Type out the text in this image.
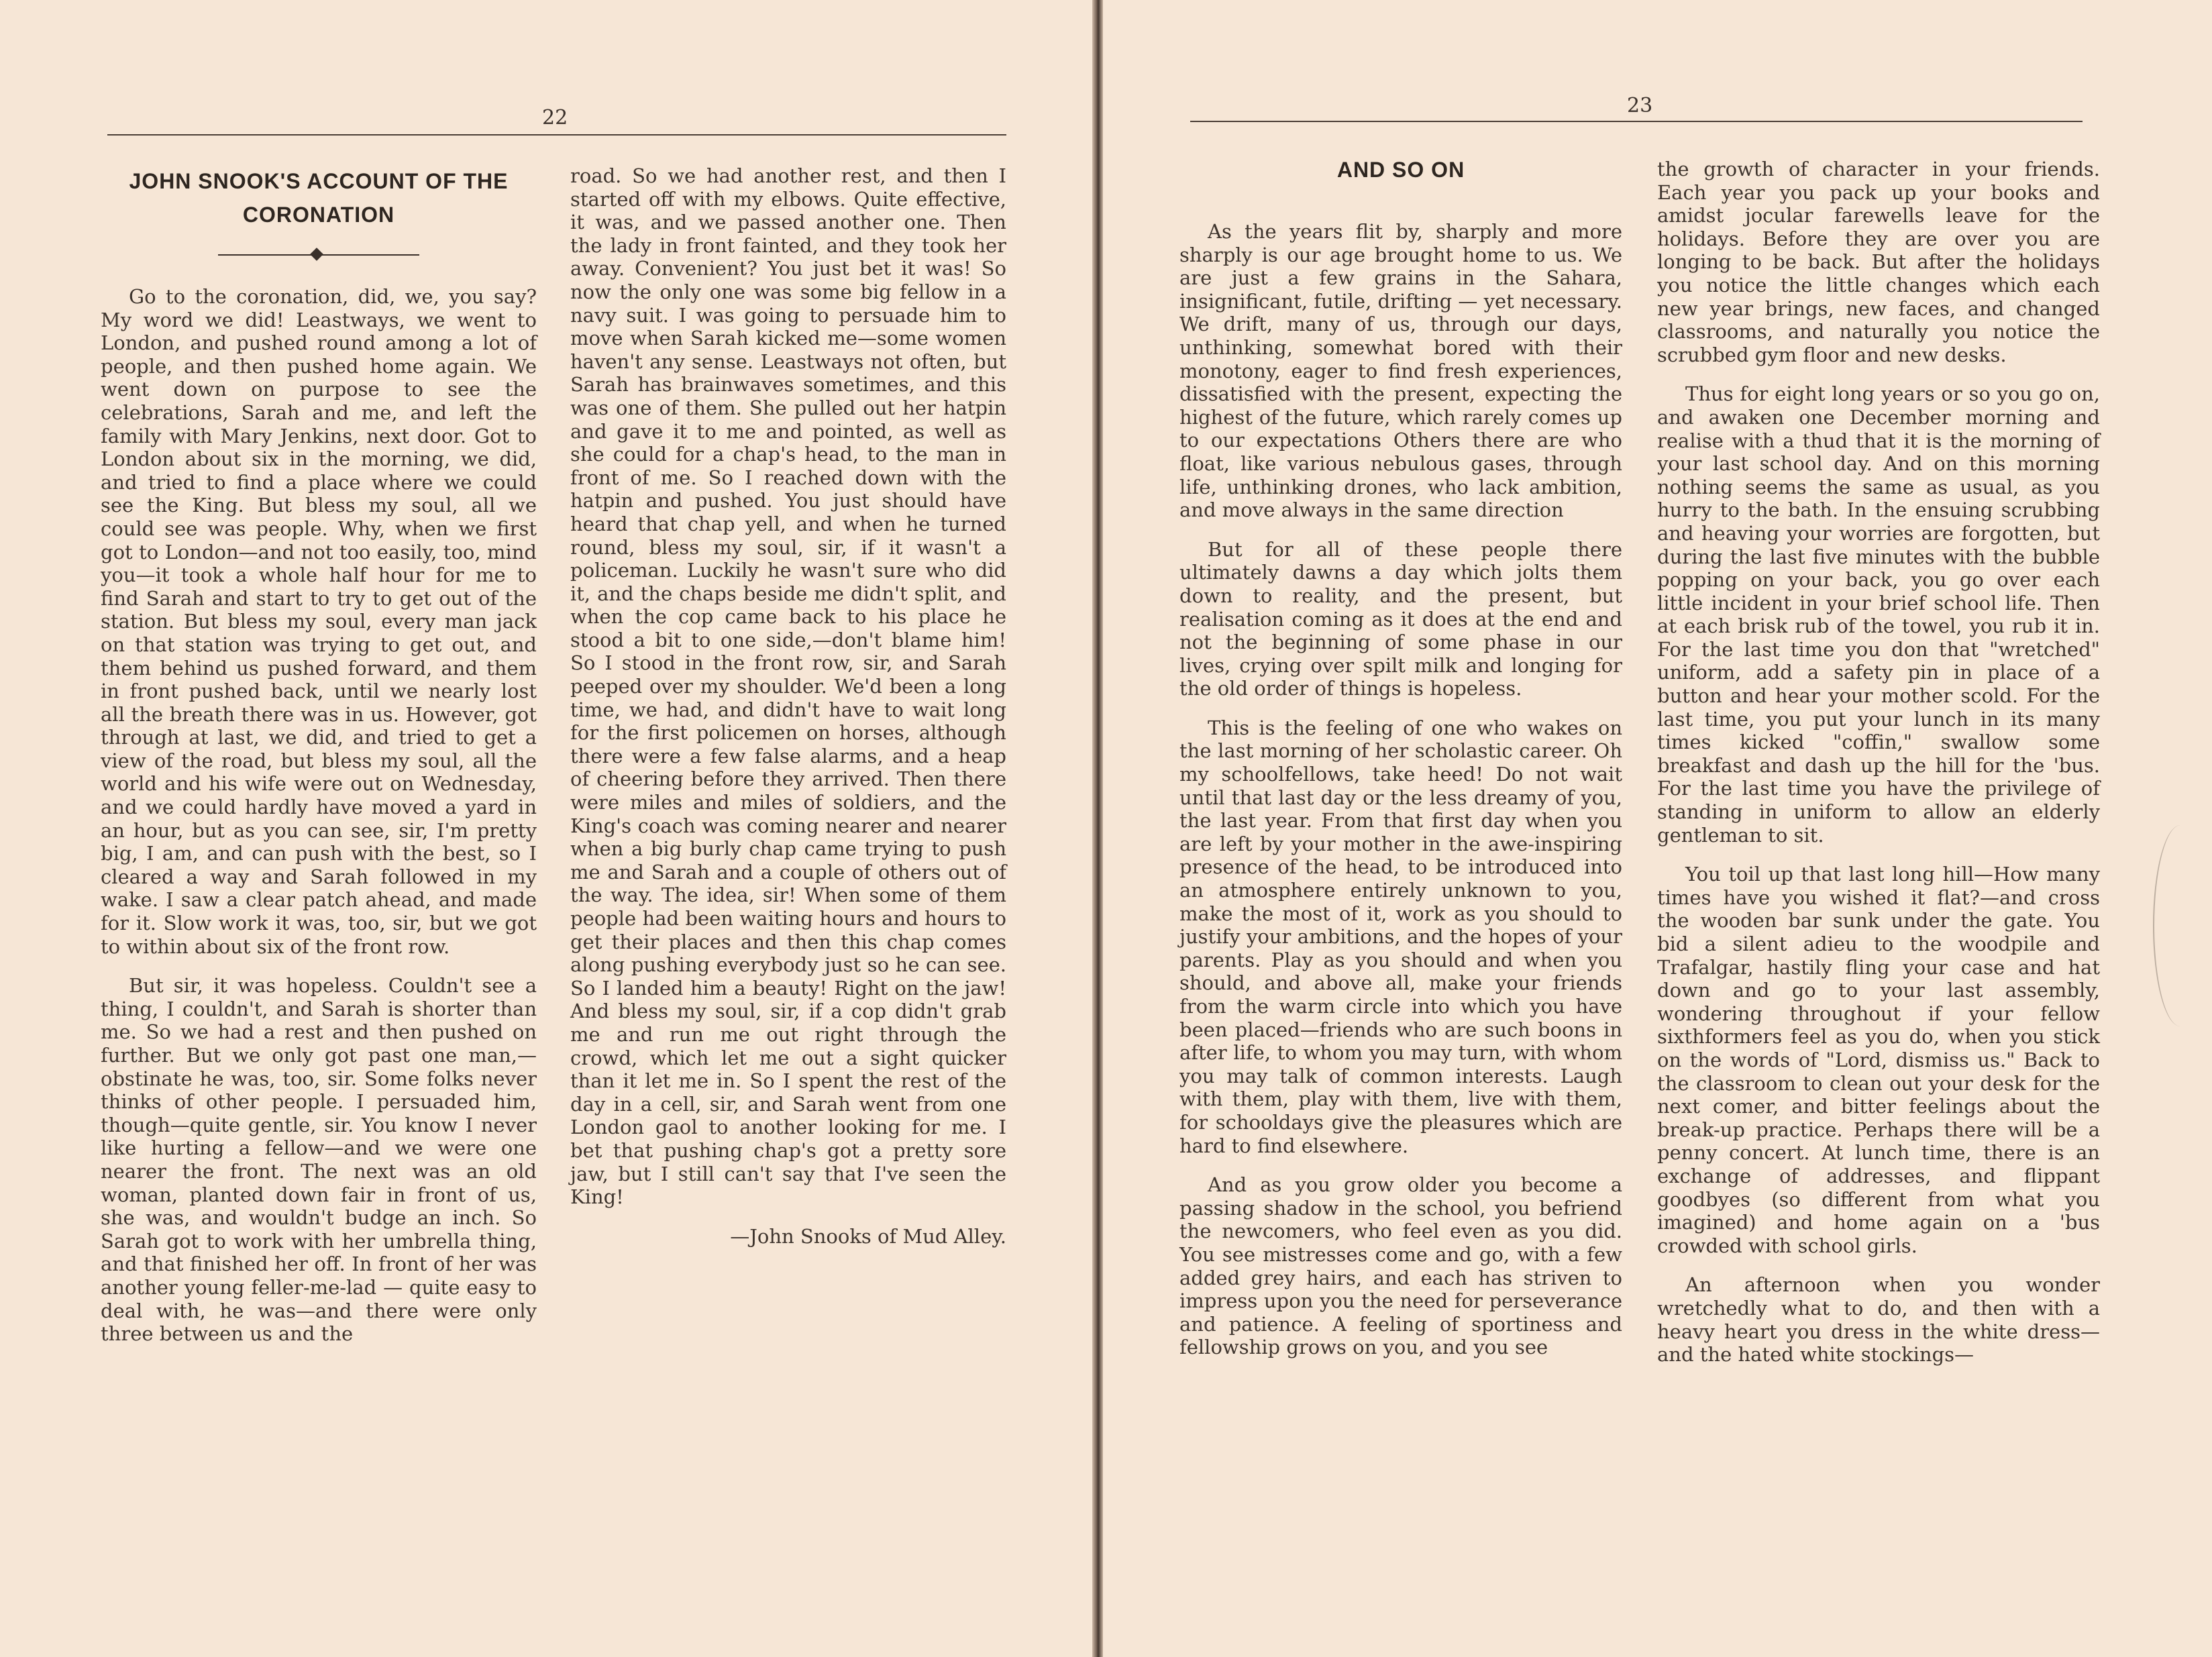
22
JOHN SNOOK'S ACCOUNT OF THE CORONATION

Go to the coronation, did, we, you say? My word we did! Leastways, we went to London, and pushed round among a lot of people, and then pushed home again. We went down on purpose to see the celebrations, Sarah and me, and left the family with Mary Jenkins, next door. Got to London about six in the morning, we did, and tried to find a place where we could see the King. But bless my soul, all we could see was people. Why, when we first got to London—and not too easily, too, mind you—it took a whole half hour for me to find Sarah and start to try to get out of the station. But bless my soul, every man jack on that station was trying to get out, and them behind us pushed forward, and them in front pushed back, until we nearly lost all the breath there was in us. However, got through at last, we did, and tried to get a view of the road, but bless my soul, all the world and his wife were out on Wednesday, and we could hardly have moved a yard in an hour, but as you can see, sir, I'm pretty big, I am, and can push with the best, so I cleared a way and Sarah followed in my wake. I saw a clear patch ahead, and made for it. Slow work it was, too, sir, but we got to within about six of the front row.

But sir, it was hopeless. Couldn't see a thing, I couldn't, and Sarah is shorter than me. So we had a rest and then pushed on further. But we only got past one man,—obstinate he was, too, sir. Some folks never thinks of other people. I persuaded him, though—quite gentle, sir. You know I never like hurting a fellow—and we were one nearer the front. The next was an old woman, planted down fair in front of us, she was, and wouldn't budge an inch. So Sarah got to work with her umbrella thing, and that finished her off. In front of her was another young feller-me-lad — quite easy to deal with, he was—and there were only three between us and the

road. So we had another rest, and then I started off with my elbows. Quite effective, it was, and we passed another one. Then the lady in front fainted, and they took her away. Convenient? You just bet it was! So now the only one was some big fellow in a navy suit. I was going to persuade him to move when Sarah kicked me—some women haven't any sense. Leastways not often, but Sarah has brainwaves sometimes, and this was one of them. She pulled out her hatpin and gave it to me and pointed, as well as she could for a chap's head, to the man in front of me. So I reached down with the hatpin and pushed. You just should have heard that chap yell, and when he turned round, bless my soul, sir, if it wasn't a policeman. Luckily he wasn't sure who did it, and the chaps beside me didn't split, and when the cop came back to his place he stood a bit to one side,—don't blame him! So I stood in the front row, sir, and Sarah peeped over my shoulder. We'd been a long time, we had, and didn't have to wait long for the first policemen on horses, although there were a few false alarms, and a heap of cheering before they arrived. Then there were miles and miles of soldiers, and the King's coach was coming nearer and nearer when a big burly chap came trying to push me and Sarah and a couple of others out of the way. The idea, sir! When some of them people had been waiting hours and hours to get their places and then this chap comes along pushing everybody just so he can see. So I landed him a beauty! Right on the jaw! And bless my soul, sir, if a cop didn't grab me and run me out right through the crowd, which let me out a sight quicker than it let me in. So I spent the rest of the day in a cell, sir, and Sarah went from one London gaol to another looking for me. I bet that pushing chap's got a pretty sore jaw, but I still can't say that I've seen the King!

—John Snooks of Mud Alley.

23
AND SO ON

As the years flit by, sharply and more sharply is our age brought home to us. We are just a few grains in the Sahara, insignificant, futile, drifting — yet necessary. We drift, many of us, through our days, unthinking, somewhat bored with their monotony, eager to find fresh experiences, dissatisfied with the present, expecting the highest of the future, which rarely comes up to our expectations Others there are who float, like various nebulous gases, through life, unthinking drones, who lack ambition, and move always in the same direction

But for all of these people there ultimately dawns a day which jolts them down to reality, and the present, but realisation coming as it does at the end and not the beginning of some phase in our lives, crying over spilt milk and longing for the old order of things is hopeless.

This is the feeling of one who wakes on the last morning of her scholastic career. Oh my schoolfellows, take heed! Do not wait until that last day or the less dreamy of you, the last year. From that first day when you are left by your mother in the awe-inspiring presence of the head, to be introduced into an atmosphere entirely unknown to you, make the most of it, work as you should to justify your ambitions, and the hopes of your parents. Play as you should and when you should, and above all, make your friends from the warm circle into which you have been placed—friends who are such boons in after life, to whom you may turn, with whom you may talk of common interests. Laugh with them, play with them, live with them, for schooldays give the pleasures which are hard to find elsewhere.

And as you grow older you become a passing shadow in the school, you befriend the newcomers, who feel even as you did. You see mistresses come and go, with a few added grey hairs, and each has striven to impress upon you the need for perseverance and patience. A feeling of sportiness and fellowship grows on you, and you see

the growth of character in your friends. Each year you pack up your books and amidst jocular farewells leave for the holidays. Before they are over you are longing to be back. But after the holidays you notice the little changes which each new year brings, new faces, and changed classrooms, and naturally you notice the scrubbed gym floor and new desks.

Thus for eight long years or so you go on, and awaken one December morning and realise with a thud that it is the morning of your last school day. And on this morning nothing seems the same as usual, as you hurry to the bath. In the ensuing scrubbing and heaving your worries are forgotten, but during the last five minutes with the bubble popping on your back, you go over each little incident in your brief school life. Then at each brisk rub of the towel, you rub it in. For the last time you don that "wretched" uniform, add a safety pin in place of a button and hear your mother scold. For the last time, you put your lunch in its many times kicked "coffin," swallow some breakfast and dash up the hill for the 'bus. For the last time you have the privilege of standing in uniform to allow an elderly gentleman to sit.

You toil up that last long hill—How many times have you wished it flat?—and cross the wooden bar sunk under the gate. You bid a silent adieu to the woodpile and Trafalgar, hastily fling your case and hat down and go to your last assembly, wondering throughout if your fellow sixthformers feel as you do, when you stick on the words of "Lord, dismiss us." Back to the classroom to clean out your desk for the next comer, and bitter feelings about the break-up practice. Perhaps there will be a penny concert. At lunch time, there is an exchange of addresses, and flippant goodbyes (so different from what you imagined) and home again on a 'bus crowded with school girls.

An afternoon when you wonder wretchedly what to do, and then with a heavy heart you dress in the white dress—and the hated white stockings—
